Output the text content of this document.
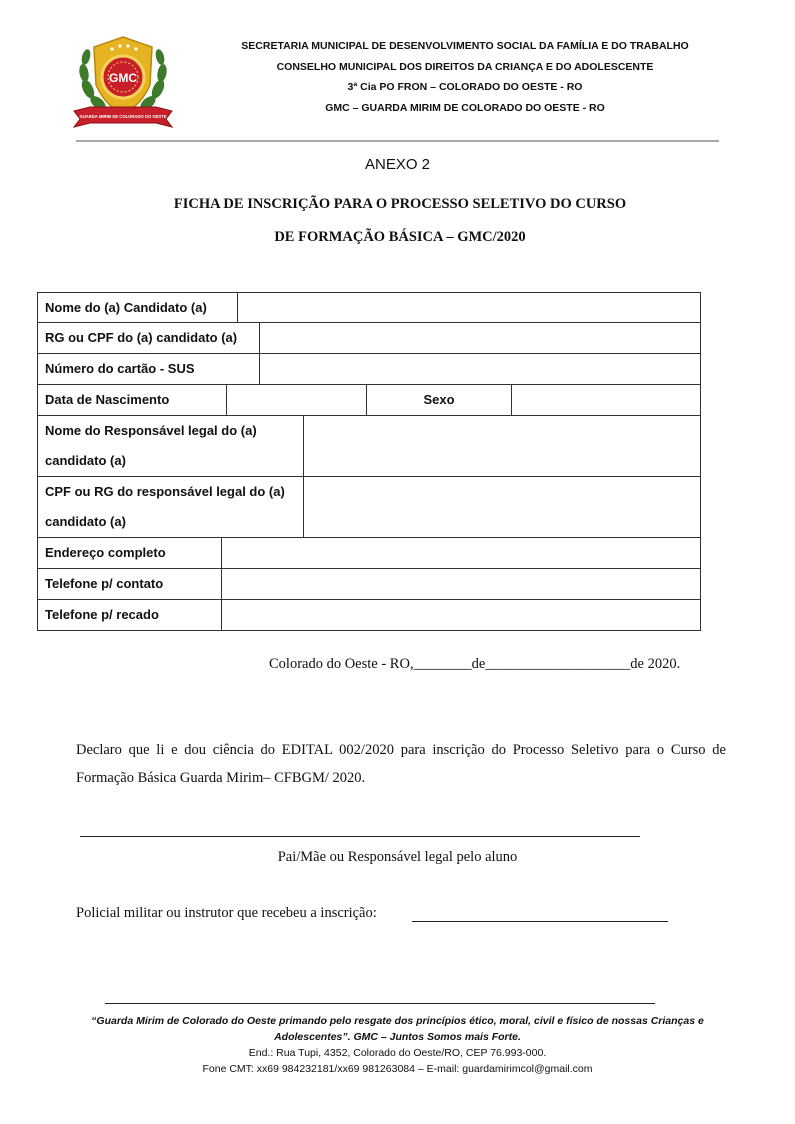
GMC
GUARDA MIRIM DE COLORADO DO OESTE
SECRETARIA MUNICIPAL DE DESENVOLVIMENTO SOCIAL DA FAMÍLIA E DO TRABALHO
CONSELHO MUNICIPAL DOS DIREITOS DA CRIANÇA E DO ADOLESCENTE
3ª Cia PO FRON – COLORADO DO OESTE - RO
GMC – GUARDA MIRIM DE COLORADO DO OESTE - RO
ANEXO 2
FICHA DE INSCRIÇÃO PARA O PROCESSO SELETIVO DO CURSO
DE FORMAÇÃO BÁSICA – GMC/2020
Nome do (a) Candidato (a)
RG ou CPF do (a) candidato (a)
Número do cartão - SUS
Data de Nascimento	Sexo
Nome do Responsável legal do (a)
candidato (a)
CPF ou RG do responsável legal do (a)
candidato (a)
Endereço completo
Telefone p/ contato
Telefone p/ recado
Colorado do Oeste - RO,________de____________________de 2020.
Declaro que li e dou ciência do EDITAL 002/2020 para inscrição do Processo Seletivo para o Curso de Formação Básica Guarda Mirim– CFBGM/ 2020.
Pai/Mãe ou Responsável legal pelo aluno
Policial militar ou instrutor que recebeu a inscrição:
“Guarda Mirim de Colorado do Oeste primando pelo resgate dos princípios ético, moral, civil e físico de nossas Crianças e Adolescentes”. GMC – Juntos Somos mais Forte.
End.: Rua Tupi, 4352, Colorado do Oeste/RO, CEP 76.993-000.
Fone CMT: xx69 984232181/xx69 981263084 – E-mail: guardamirimcol@gmail.com
